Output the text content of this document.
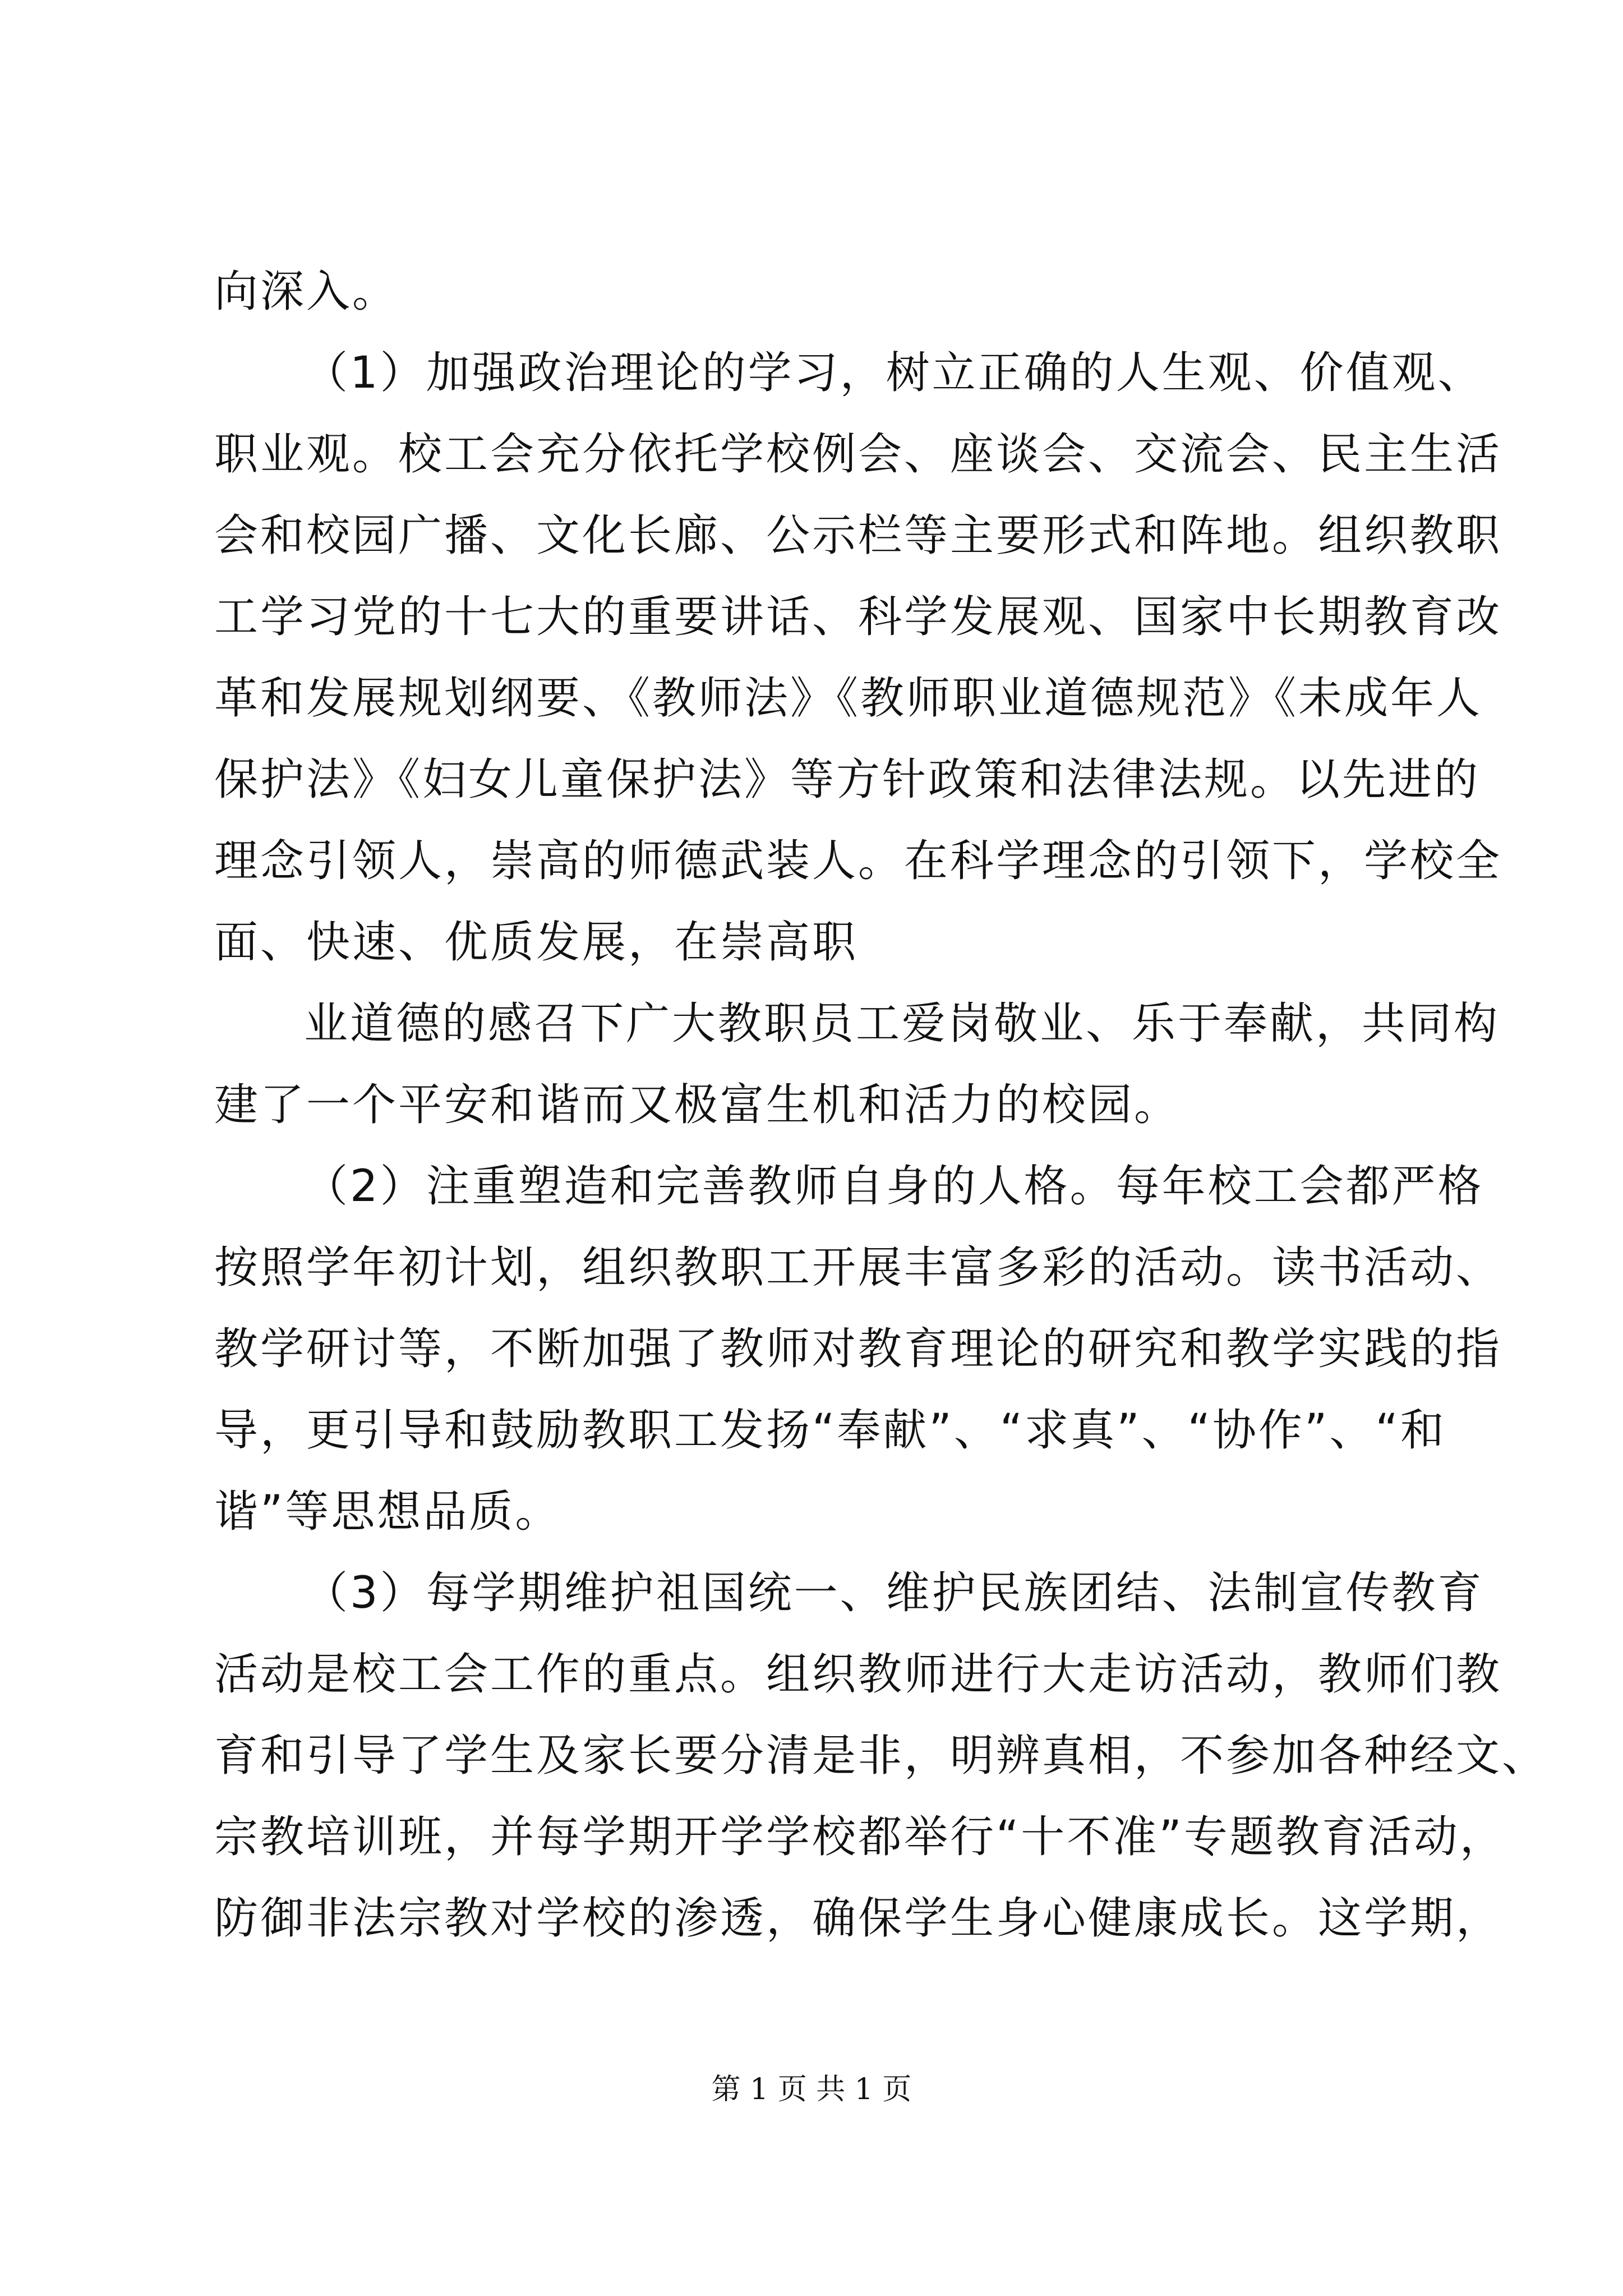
向深入。
（1）加强政治理论的学习，树立正确的人生观、价值观、
职业观。校工会充分依托学校例会、座谈会、交流会、民主生活
会和校园广播、文化长廊、公示栏等主要形式和阵地。组织教职
工学习党的十七大的重要讲话、科学发展观、国家中长期教育改
革和发展规划纲要、《教师法》《教师职业道德规范》《未成年人
保护法》《妇女儿童保护法》等方针政策和法律法规。以先进的
理念引领人，崇高的师德武装人。在科学理念的引领下，学校全
面、快速、优质发展，在崇高职
业道德的感召下广大教职员工爱岗敬业、乐于奉献，共同构
建了一个平安和谐而又极富生机和活力的校园。
（2）注重塑造和完善教师自身的人格。每年校工会都严格
按照学年初计划，组织教职工开展丰富多彩的活动。读书活动、
教学研讨等，不断加强了教师对教育理论的研究和教学实践的指
导，更引导和鼓励教职工发扬“奉献”、“求真”、“协作”、“和
谐”等思想品质。
（3）每学期维护祖国统一、维护民族团结、法制宣传教育
活动是校工会工作的重点。组织教师进行大走访活动，教师们教
育和引导了学生及家长要分清是非，明辨真相，不参加各种经文、
宗教培训班，并每学期开学学校都举行“十不准”专题教育活动，
防御非法宗教对学校的渗透，确保学生身心健康成长。这学期，
第 1 页 共 1 页
